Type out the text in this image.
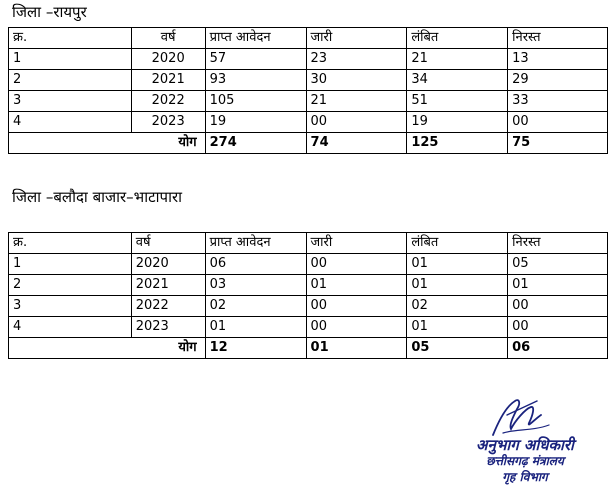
जिला –रायपुर
क्र.	वर्ष	प्राप्त आवेदन	जारी	लंबित	निरस्त
1	2020	57	23	21	13
2	2021	93	30	34	29
3	2022	105	21	51	33
4	2023	19	00	19	00
योग		274	74	125	75
जिला –बलौदा बाजार–भाटापारा
क्र.	वर्ष	प्राप्त आवेदन	जारी	लंबित	निरस्त
1	2020	06	00	01	05
2	2021	03	01	01	01
3	2022	02	00	02	00
4	2023	01	00	01	00
योग		12	01	05	06
अनुभाग अधिकारी
छत्तीसगढ़ मंत्रालय
गृह विभाग
